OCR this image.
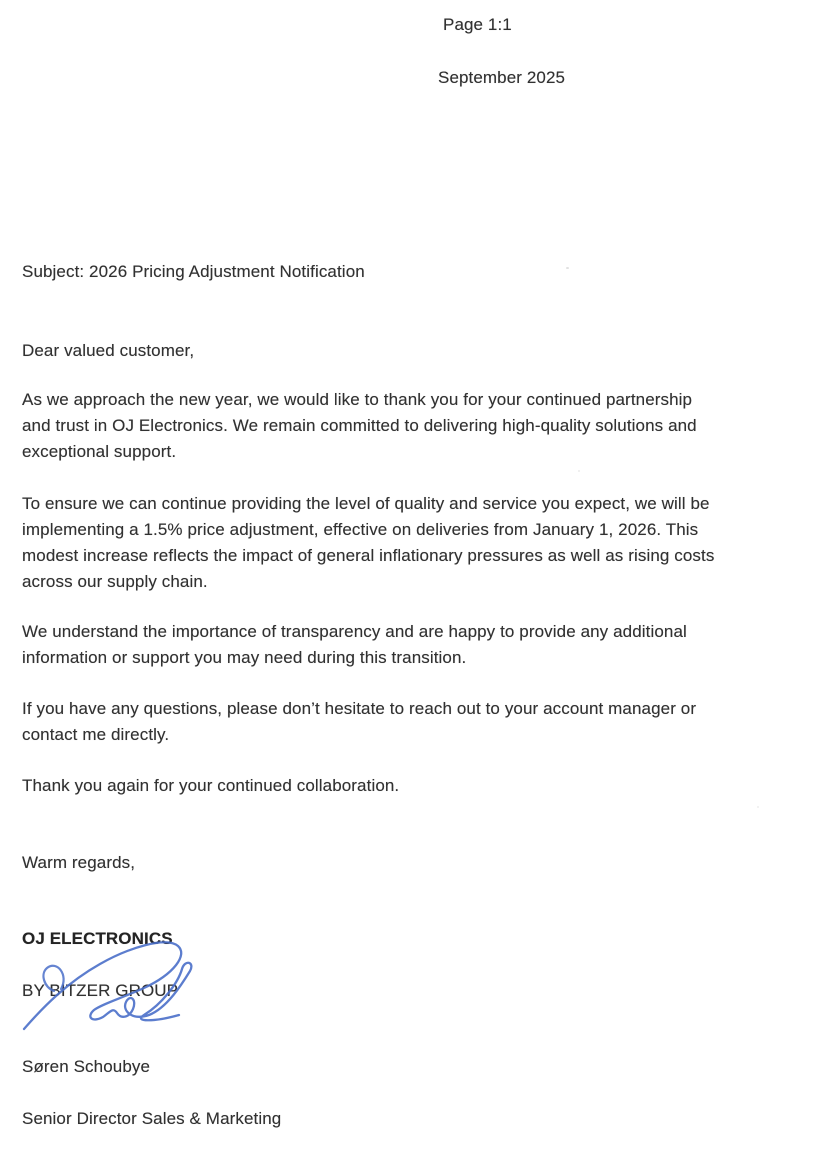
Page 1:1
September 2025
Subject: 2026 Pricing Adjustment Notification
Dear valued customer,
As we approach the new year, we would like to thank you for your continued partnership
and trust in OJ Electronics. We remain committed to delivering high-quality solutions and
exceptional support.
To ensure we can continue providing the level of quality and service you expect, we will be
implementing a 1.5% price adjustment, effective on deliveries from January 1, 2026. This
modest increase reflects the impact of general inflationary pressures as well as rising costs
across our supply chain.
We understand the importance of transparency and are happy to provide any additional
information or support you may need during this transition.
If you have any questions, please don’t hesitate to reach out to your account manager or
contact me directly.
Thank you again for your continued collaboration.
Warm regards,

OJ ELECTRONICS

BY BITZER GROUP

Søren Schoubye

Senior Director Sales & Marketing
